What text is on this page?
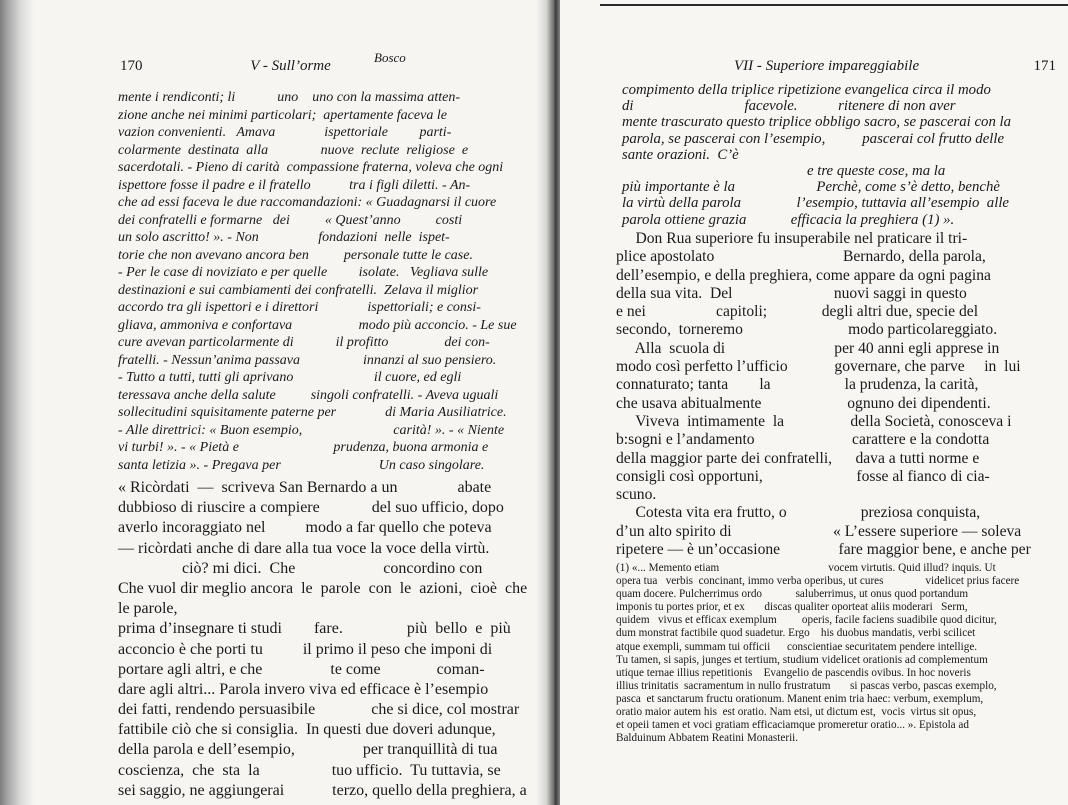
170	V - Sull’orme
Bosco
mente i rendiconti; li            uno    uno con la massima atten-
zione anche nei minimi particolari;  apertamente faceva le
vazion convenienti.   Amava              ispettoriale         parti-
colarmente  destinata  alla               nuove  reclute  religiose  e
sacerdotali. - Pieno di carità  compassione fraterna, voleva che ogni
ispettore fosse il padre e il fratello           tra i figli diletti. - An-
che ad essi faceva le due raccomandazioni: « Guadagnarsi il cuore
dei confratelli e formarne   dei          « Quest’anno          costi
un solo ascritto! ». - Non                 fondazioni  nelle  ispet-
torie che non avevano ancora ben          personale tutte le case.
- Per le case di noviziato e per quelle         isolate.   Vegliava sulle
destinazioni e sui cambiamenti dei confratelli.  Zelava il miglior
accordo tra gli ispettori e i direttori              ispettoriali; e consi-
gliava, ammoniva e confortava                   modo più acconcio. - Le sue
cure avevan particolarmente di            il profitto                dei con-
fratelli. - Nessun’anima passava                  innanzi al suo pensiero.
- Tutto a tutti, tutti gli aprivano                       il cuore, ed egli
teressava anche della salute          singoli confratelli. - Aveva uguali
sollecitudini squisitamente paterne per              di Maria Ausiliatrice.
- Alle direttrici: « Buon esempio,                          carità! ». - « Niente
vi turbi! ». - « Pietà e                           prudenza, buona armonia e
santa letizia ». - Pregava per                            Un caso singolare.
« Ricòrdati  —  scriveva San Bernardo a un               abate
dubbioso di riuscire a compiere             del suo ufficio, dopo
averlo incoraggiato nel          modo a far quello che poteva
— ricòrdati anche di dare alla tua voce la voce della virtù.
ciò? mi dici.  Che                      concordino con
Che vuol dir meglio ancora  le  parole  con  le  azioni,  cioè  che
le parole,
prima d’insegnare ti studi        fare.                più  bello  e  più
acconcio è che porti tu          il primo il peso che imponi di
portare agli altri, e che                 te come              coman-
dare agli altri... Parola invero viva ed efficace è l’esempio
dei fatti, rendendo persuasibile              che si dice, col mostrar
fattibile ciò che si consiglia.  In questi due doveri adunque,
della parola e dell’esempio,                 per tranquillità di tua
coscienza,  che  sta  la                  tuo ufficio.  Tu tuttavia, se
sei saggio, ne aggiungerai            terzo, quello della preghiera, a
VII - Superiore impareggiabile	171
compimento della triplice ripetizione evangelica circa il modo
di                              facevole.           ritenere di non aver
mente trascurato questo triplice obbligo sacro, se pascerai con la
parola, se pascerai con l’esempio,          pascerai col frutto delle
sante orazioni.  C’è
e tre queste cose, ma la
più importante è la                      Perchè, come s’è detto, benchè
la virtù della parola               l’esempio, tuttavia all’esempio  alle
parola ottiene grazia            efficacia la preghiera (1) ».
Don Rua superiore fu insuperabile nel praticare il tri-
plice apostolato                                 Bernardo, della parola,
dell’esempio, e della preghiera, come appare da ogni pagina
della sua vita.  Del                          nuovi saggi in questo
e nei                  capitoli;              degli altri due, specie del
secondo,  torneremo                           modo particolareggiato.
Alla  scuola di                            per 40 anni egli apprese in
modo così perfetto l’ufficio            governare, che parve     in  lui
connaturato; tanta        la                   la prudenza, la carità,
che usava abitualmente                      ognuno dei dipendenti.
Viveva  intimamente  la                 della Società, conosceva i
b:sogni e l’andamento                         carattere e la condotta
della maggior parte dei confratelli,      dava a tutti norme e
consigli così opportuni,                        fosse al fianco di cia-
scuno.
Cotesta vita era frutto, o                   preziosa conquista,
d’un alto spirito di                          « L’essere superiore — soleva
ripetere — è un’occasione               fare maggior bene, e anche per
(1) «... Memento etiam                                       vocem virtutis. Quid illud? inquis. Ut
opera tua   verbis  concinant, immo verba operibus, ut cures               videlicet prius facere
quam docere. Pulcherrimus ordo            saluberrimus, ut onus quod portandum
imponis tu portes prior, et ex       discas qualiter oporteat aliis moderari   Serm,
quidem   vivus et efficax exemplum         operis, facile faciens suadibile quod dicitur,
dum monstrat factibile quod suadetur. Ergo    his duobus mandatis, verbi scilicet
atque exempli, summam tui officii      conscientiae securitatem pendere intellige.
Tu tamen, si sapis, junges et tertium, studium videlicet orationis ad complementum
utique ternae illius repetitionis    Evangelio de pascendis ovibus. In hoc noveris
illius trinitatis  sacramentum in nullo frustratum       si pascas verbo, pascas exemplo,
pasca  et sanctarum fructu orationum. Manent enim tria haec: verbum, exemplum,
oratio maior autem his  est oratio. Nam etsi, ut dictum est,  vocis  virtus sit opus,
et opeii tamen et voci gratiam efficaciamque promeretur oratio... ». Epistola ad
Balduinum Abbatem Reatini Monasterii.
